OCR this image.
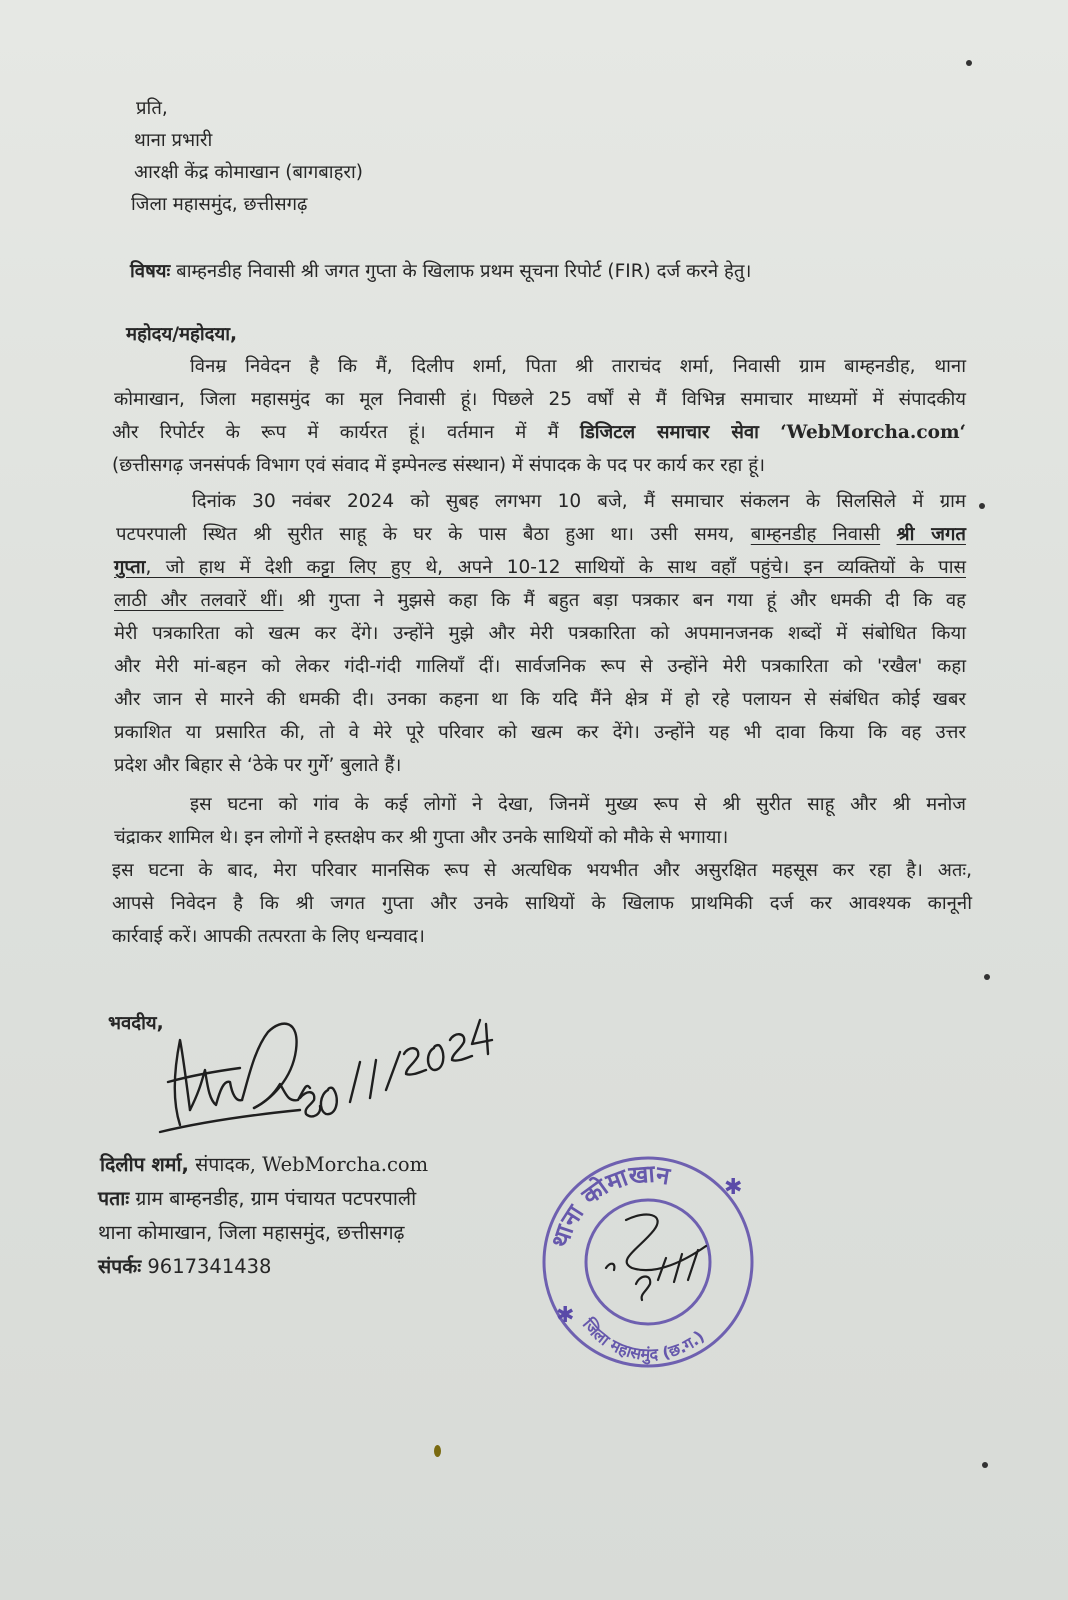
प्रति,
थाना प्रभारी
आरक्षी केंद्र कोमाखान (बागबाहरा)
जिला महासमुंद, छत्तीसगढ़
विषयः बाम्हनडीह निवासी श्री जगत गुप्ता के खिलाफ प्रथम सूचना रिपोर्ट (FIR) दर्ज करने हेतु।
महोदय/महोदया,
विनम्र निवेदन है कि मैं, दिलीप शर्मा, पिता श्री ताराचंद शर्मा, निवासी ग्राम बाम्हनडीह, थाना
कोमाखान, जिला महासमुंद का मूल निवासी हूं। पिछले 25 वर्षों से मैं विभिन्न समाचार माध्यमों में संपादकीय
और रिपोर्टर के रूप में कार्यरत हूं। वर्तमान में मैं डिजिटल समाचार सेवा ‘WebMorcha.com‘
(छत्तीसगढ़ जनसंपर्क विभाग एवं संवाद में इम्पेनल्ड संस्थान) में संपादक के पद पर कार्य कर रहा हूं।
दिनांक 30 नवंबर 2024 को सुबह लगभग 10 बजे, मैं समाचार संकलन के सिलसिले में ग्राम
पटपरपाली स्थित श्री सुरीत साहू के घर के पास बैठा हुआ था। उसी समय, बाम्हनडीह निवासी श्री जगत
गुप्ता, जो हाथ में देशी कट्टा लिए हुए थे, अपने 10-12 साथियों के साथ वहाँ पहुंचे। इन व्यक्तियों के पास
लाठी और तलवारें थीं। श्री गुप्ता ने मुझसे कहा कि मैं बहुत बड़ा पत्रकार बन गया हूं और धमकी दी कि वह
मेरी पत्रकारिता को खत्म कर देंगे। उन्होंने मुझे और मेरी पत्रकारिता को अपमानजनक शब्दों में संबोधित किया
और मेरी मां-बहन को लेकर गंदी-गंदी गालियाँ दीं। सार्वजनिक रूप से उन्होंने मेरी पत्रकारिता को 'रखैल' कहा
और जान से मारने की धमकी दी। उनका कहना था कि यदि मैंने क्षेत्र में हो रहे पलायन से संबंधित कोई खबर
प्रकाशित या प्रसारित की, तो वे मेरे पूरे परिवार को खत्म कर देंगे। उन्होंने यह भी दावा किया कि वह उत्तर
प्रदेश और बिहार से ‘ठेके पर गुर्गे’ बुलाते हैं।
इस घटना को गांव के कई लोगों ने देखा, जिनमें मुख्य रूप से श्री सुरीत साहू और श्री मनोज
चंद्राकर शामिल थे। इन लोगों ने हस्तक्षेप कर श्री गुप्ता और उनके साथियों को मौके से भगाया।
इस घटना के बाद, मेरा परिवार मानसिक रूप से अत्यधिक भयभीत और असुरक्षित महसूस कर रहा है। अतः,
आपसे निवेदन है कि श्री जगत गुप्ता और उनके साथियों के खिलाफ प्राथमिकी दर्ज कर आवश्यक कानूनी
कार्रवाई करें। आपकी तत्परता के लिए धन्यवाद।
भवदीय,
दिलीप शर्मा, संपादक, WebMorcha.com
पताः ग्राम बाम्हनडीह, ग्राम पंचायत पटपरपाली
थाना कोमाखान, जिला महासमुंद, छत्तीसगढ़
संपर्कः 9617341438
थाना कोमाखान
जिला महासमुंद (छ.ग.)
✱
✱
